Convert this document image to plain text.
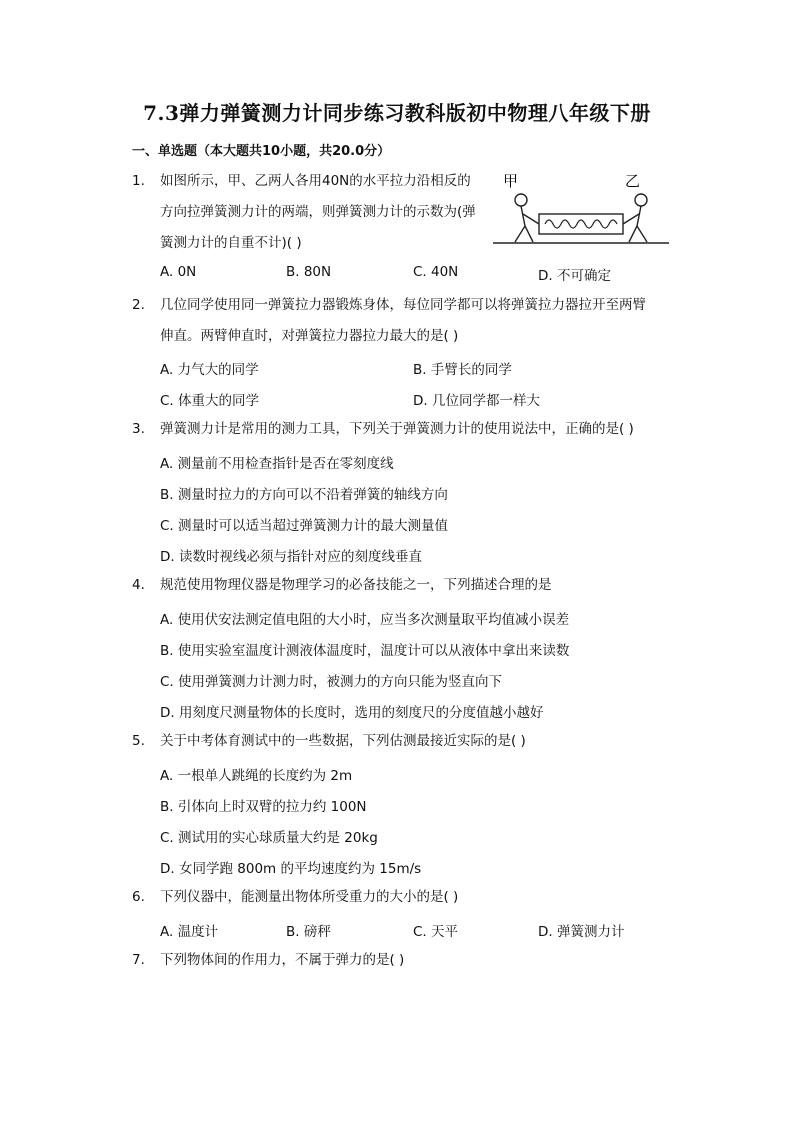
7.3弹力弹簧测力计同步练习教科版初中物理八年级下册
一、单选题（本大题共10小题，共20.0分）
1. 如图所示，甲、乙两人各用40N的水平拉力沿相反的
方向拉弹簧测力计的两端，则弹簧测力计的示数为(弹
簧测力计的自重不计)( )
甲	乙
A. 0N	B. 80N	C. 40N	D. 不可确定
2. 几位同学使用同一弹簧拉力器锻炼身体，每位同学都可以将弹簧拉力器拉开至两臂
伸直。两臂伸直时，对弹簧拉力器拉力最大的是( )
A. 力气大的同学	B. 手臂长的同学
C. 体重大的同学	D. 几位同学都一样大
3. 弹簧测力计是常用的测力工具，下列关于弹簧测力计的使用说法中，正确的是( )
A. 测量前不用检查指针是否在零刻度线
B. 测量时拉力的方向可以不沿着弹簧的轴线方向
C. 测量时可以适当超过弹簧测力计的最大测量值
D. 读数时视线必须与指针对应的刻度线垂直
4. 规范使用物理仪器是物理学习的必备技能之一，下列描述合理的是
A. 使用伏安法测定值电阻的大小时，应当多次测量取平均值减小误差
B. 使用实验室温度计测液体温度时，温度计可以从液体中拿出来读数
C. 使用弹簧测力计测力时，被测力的方向只能为竖直向下
D. 用刻度尺测量物体的长度时，选用的刻度尺的分度值越小越好
5. 关于中考体育测试中的一些数据，下列估测最接近实际的是( )
A. 一根单人跳绳的长度约为 2m
B. 引体向上时双臂的拉力约 100N
C. 测试用的实心球质量大约是 20kg
D. 女同学跑 800m 的平均速度约为 15m/s
6. 下列仪器中，能测量出物体所受重力的大小的是( )
A. 温度计	B. 磅秤	C. 天平	D. 弹簧测力计
7. 下列物体间的作用力，不属于弹力的是( )
